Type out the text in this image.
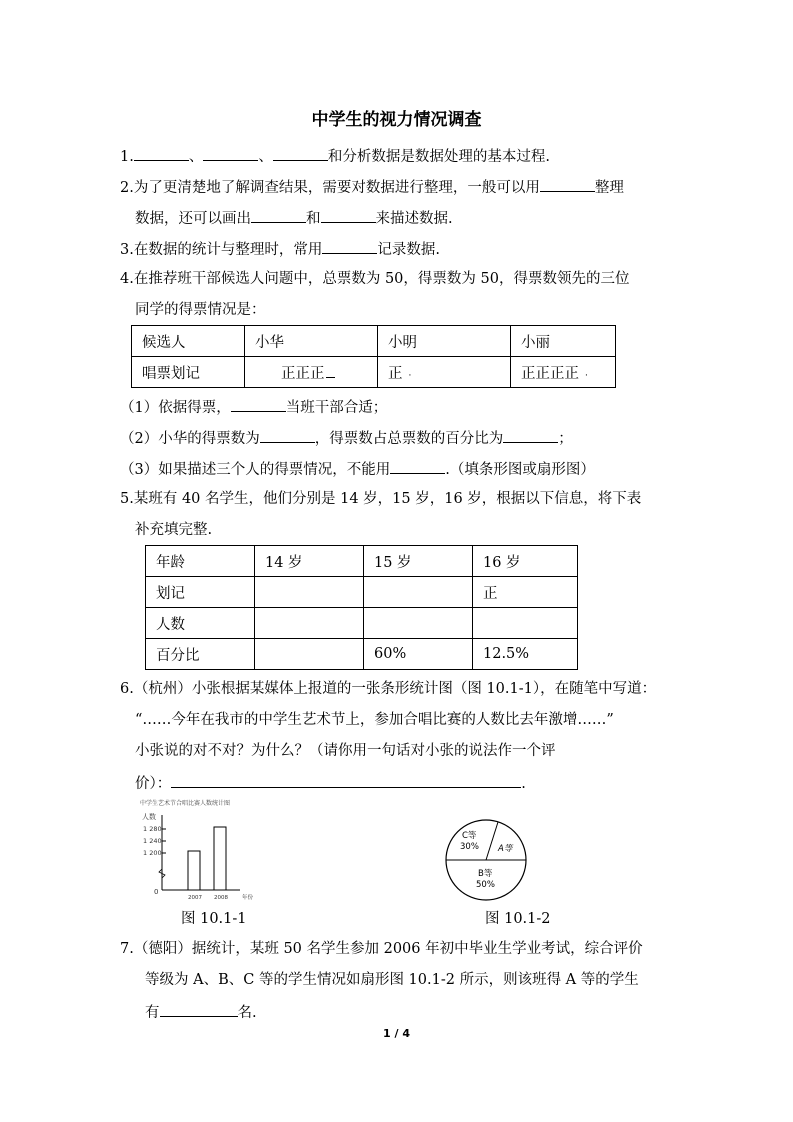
中学生的视力情况调查
1.	、	、	和分析数据是数据处理的基本过程.
2.为了更清楚地了解调查结果，需要对数据进行整理，一般可以用	整理
数据，还可以画出	和	来描述数据.
3.在数据的统计与整理时，常用	记录数据.
4.在推荐班干部候选人问题中，总票数为 50，得票数为 50，得票数领先的三位
同学的得票情况是：
候选人	小华	小明	小丽
唱票划记	正正正	正 ·	正正正正 ·
（1）依据得票，	当班干部合适；
（2）小华的得票数为	，得票数占总票数的百分比为	；
（3）如果描述三个人的得票情况，不能用	.（填条形图或扇形图）
5.某班有 40 名学生，他们分别是 14 岁，15 岁，16 岁，根据以下信息，将下表
补充填完整.
年龄	14 岁	15 岁	16 岁
划记			正
人数			
百分比		60%	12.5%
6.（杭州）小张根据某媒体上报道的一张条形统计图（图 10.1-1），在随笔中写道：
“……今年在我市的中学生艺术节上，参加合唱比赛的人数比去年激增……”
小张说的对不对？为什么？（请你用一句话对小张的说法作一个评
价）：	.
中学生艺术节合唱比赛人数统计图
人数
1 280
1 240
1 200
0
2007 2008	年份
图 10.1-1
C等
30% A等
B等
50%
图 10.1-2
7.（德阳）据统计，某班 50 名学生参加 2006 年初中毕业生学业考试，综合评价
等级为 A、B、C 等的学生情况如扇形图 10.1-2 所示，则该班得 A 等的学生
有	名.
1 / 4
